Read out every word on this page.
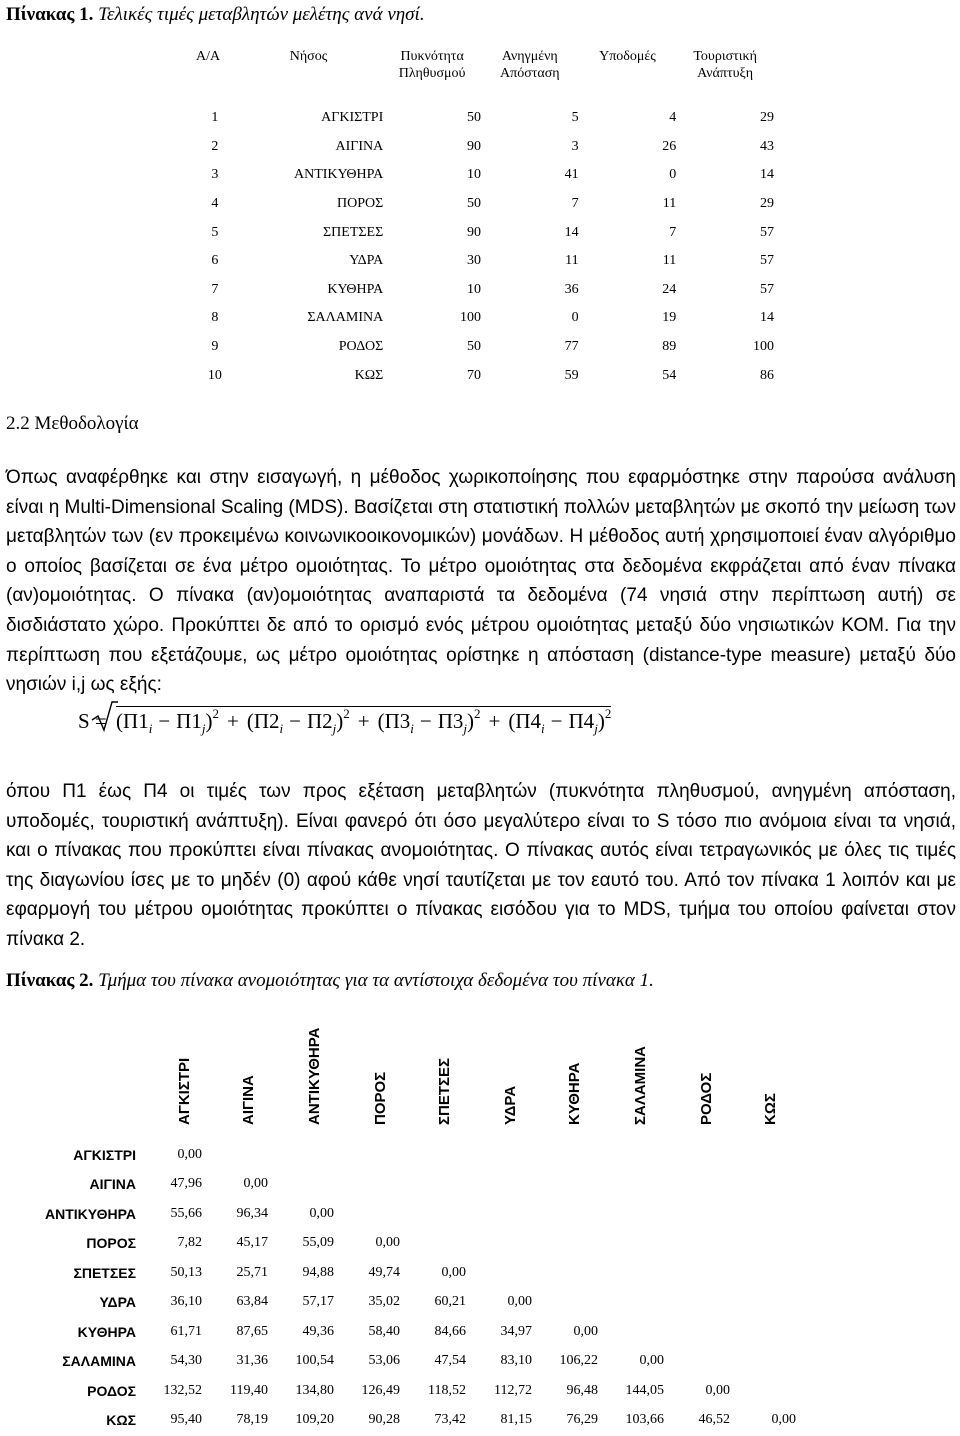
Πίνακας 1. Τελικές τιμές μεταβλητών μελέτης ανά νησί.
Α/Α	Νήσος	Πυκνότητα Πληθυσμού	Ανηγμένη Απόσταση	Υποδομές	Τουριστική Ανάπτυξη
1	ΑΓΚΙΣΤΡΙ	50	5	4	29
2	ΑΙΓΙΝΑ	90	3	26	43
3	ΑΝΤΙΚΥΘΗΡΑ	10	41	0	14
4	ΠΟΡΟΣ	50	7	11	29
5	ΣΠΕΤΣΕΣ	90	14	7	57
6	ΥΔΡΑ	30	11	11	57
7	ΚΥΘΗΡΑ	10	36	24	57
8	ΣΑΛΑΜΙΝΑ	100	0	19	14
9	ΡΟΔΟΣ	50	77	89	100
10	ΚΩΣ	70	59	54	86
2.2 Μεθοδολογία
Όπως αναφέρθηκε και στην εισαγωγή, η μέθοδος χωρικοποίησης που εφαρμόστηκε στην παρούσα ανάλυση είναι η Multi-Dimensional Scaling (MDS). Βασίζεται στη στατιστική πολλών μεταβλητών με σκοπό την μείωση των μεταβλητών των (εν προκειμένω κοινωνικοοικονομικών) μονάδων. Η μέθοδος αυτή χρησιμοποιεί έναν αλγόριθμο ο οποίος βασίζεται σε ένα μέτρο ομοιότητας. Το μέτρο ομοιότητας στα δεδομένα εκφράζεται από έναν πίνακα (αν)ομοιότητας. Ο πίνακα (αν)ομοιότητας αναπαριστά τα δεδομένα (74 νησιά στην περίπτωση αυτή) σε δισδιάστατο χώρο. Προκύπτει δε από το ορισμό ενός μέτρου ομοιότητας μεταξύ δύο νησιωτικών ΚΟΜ. Για την περίπτωση που εξετάζουμε, ως μέτρο ομοιότητας ορίστηκε η απόσταση (distance-type measure) μεταξύ δύο νησιών i,j ως εξής:
$S = (\Pi 1_i - \Pi 1_j)^2 + (\Pi 2_i - \Pi 2_j)^2 + (\Pi 3_i - \Pi 3_j)^2 + (\Pi 4_i - \Pi 4_j)^2$
όπου Π1 έως Π4 οι τιμές των προς εξέταση μεταβλητών (πυκνότητα πληθυσμού, ανηγμένη απόσταση, υποδομές, τουριστική ανάπτυξη). Είναι φανερό ότι όσο μεγαλύτερο είναι το S τόσο πιο ανόμοια είναι τα νησιά, και ο πίνακας που προκύπτει είναι πίνακας ανομοιότητας. Ο πίνακας αυτός είναι τετραγωνικός με όλες τις τιμές της διαγωνίου ίσες με το μηδέν (0) αφού κάθε νησί ταυτίζεται με τον εαυτό του. Από τον πίνακα 1 λοιπόν και με εφαρμογή του μέτρου ομοιότητας προκύπτει ο πίνακας εισόδου για το MDS, τμήμα του οποίου φαίνεται στον πίνακα 2.
Πίνακας 2. Τμήμα του πίνακα ανομοιότητας για τα αντίστοιχα δεδομένα του πίνακα 1.
ΑΓΚΙΣΤΡΙ	ΑΙΓΙΝΑ	ΑΝΤΙΚΥΘΗΡΑ	ΠΟΡΟΣ	ΣΠΕΤΣΕΣ	ΥΔΡΑ	ΚΥΘΗΡΑ	ΣΑΛΑΜΙΝΑ	ΡΟΔΟΣ	ΚΩΣ
ΑΓΚΙΣΤΡΙ	0,00									
ΑΙΓΙΝΑ	47,96	0,00								
ΑΝΤΙΚΥΘΗΡΑ	55,66	96,34	0,00							
ΠΟΡΟΣ	7,82	45,17	55,09	0,00						
ΣΠΕΤΣΕΣ	50,13	25,71	94,88	49,74	0,00					
ΥΔΡΑ	36,10	63,84	57,17	35,02	60,21	0,00				
ΚΥΘΗΡΑ	61,71	87,65	49,36	58,40	84,66	34,97	0,00			
ΣΑΛΑΜΙΝΑ	54,30	31,36	100,54	53,06	47,54	83,10	106,22	0,00		
ΡΟΔΟΣ	132,52	119,40	134,80	126,49	118,52	112,72	96,48	144,05	0,00	
ΚΩΣ	95,40	78,19	109,20	90,28	73,42	81,15	76,29	103,66	46,52	0,00
